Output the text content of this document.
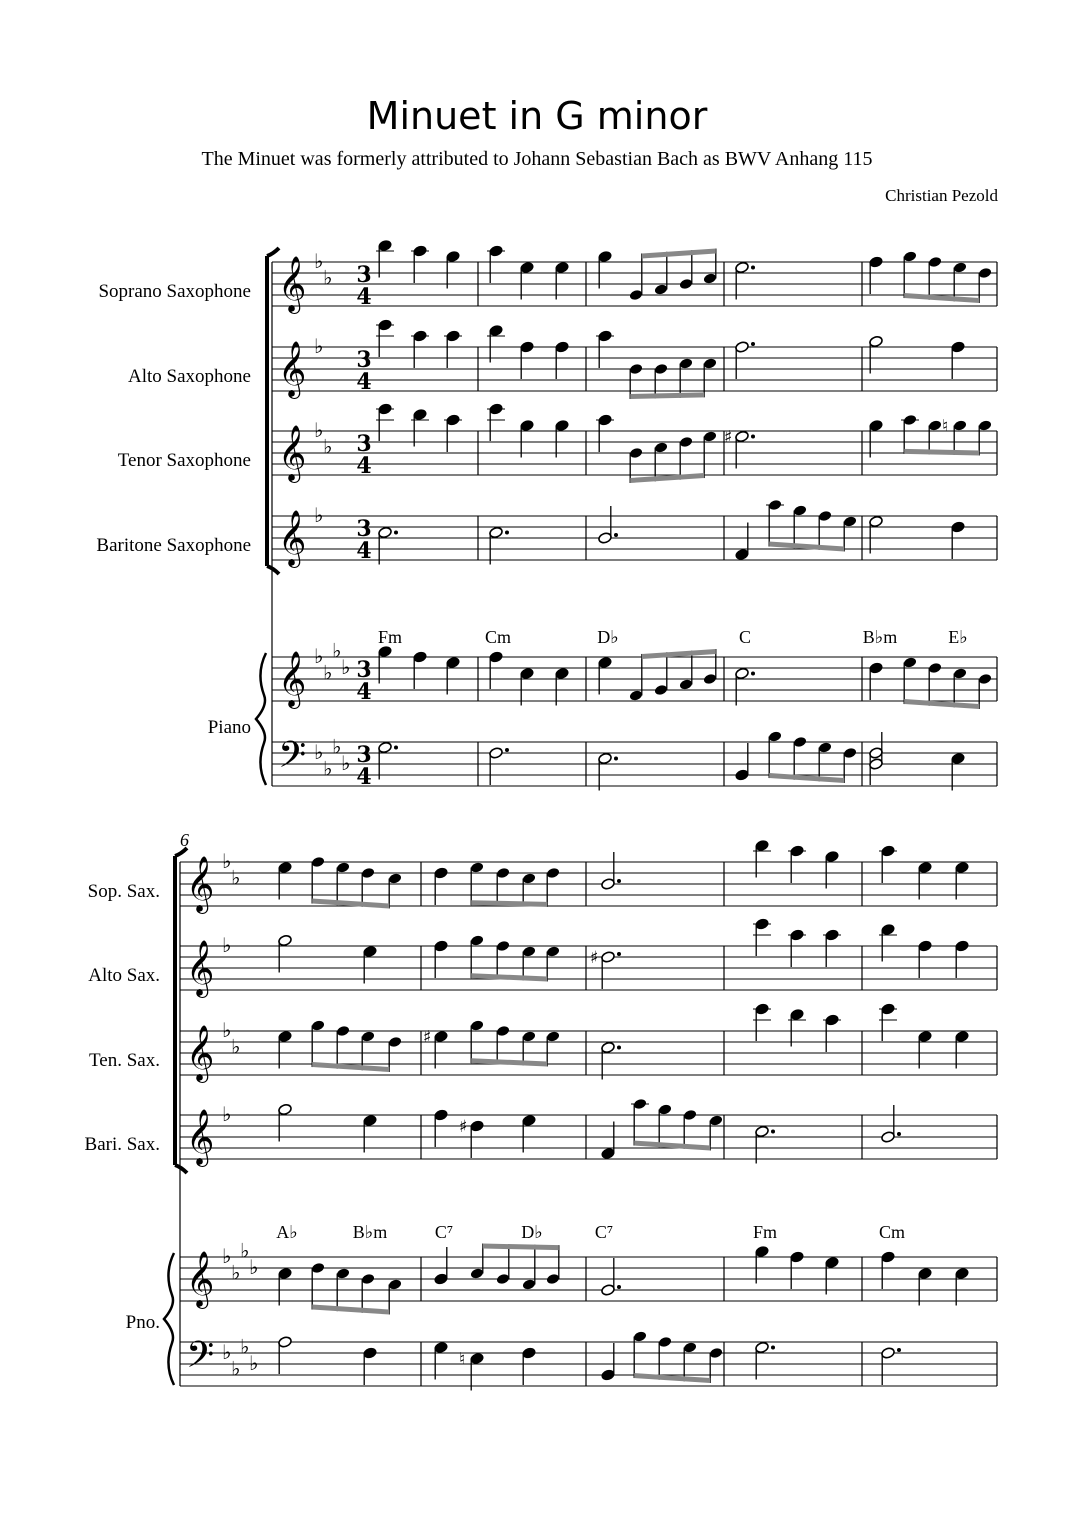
Minuet in G minor
The Minuet was formerly attributed to Johann Sebastian Bach as BWV Anhang 115
Christian Pezold
Soprano Saxophone
Alto Saxophone
Tenor Saxophone
Baritone Saxophone
Piano
𝄞 ♭
♭ 3
4
𝄞 ♭
3
4
𝄞 ♭
♭ 3
4
𝄞 ♭
3
4
𝄞 ♭
♭
♭
♭ 3
4
𝄢 ♭
♭
♭
♭ 3
4
♯
♮
Fm	Cm	D♭	C	B♭m	E♭
6
Sop. Sax.
Alto Sax.
Ten. Sax.
Bari. Sax.
Pno.
𝄞 ♭
♭
𝄞 ♭
𝄞 ♭
♭
𝄞 ♭
𝄞 ♭
♭
♭
♭
𝄢 ♭
♭
♭
♭
♯
♯
♯
♮
A♭	B♭m	C⁷	D♭	C⁷	Fm	Cm
